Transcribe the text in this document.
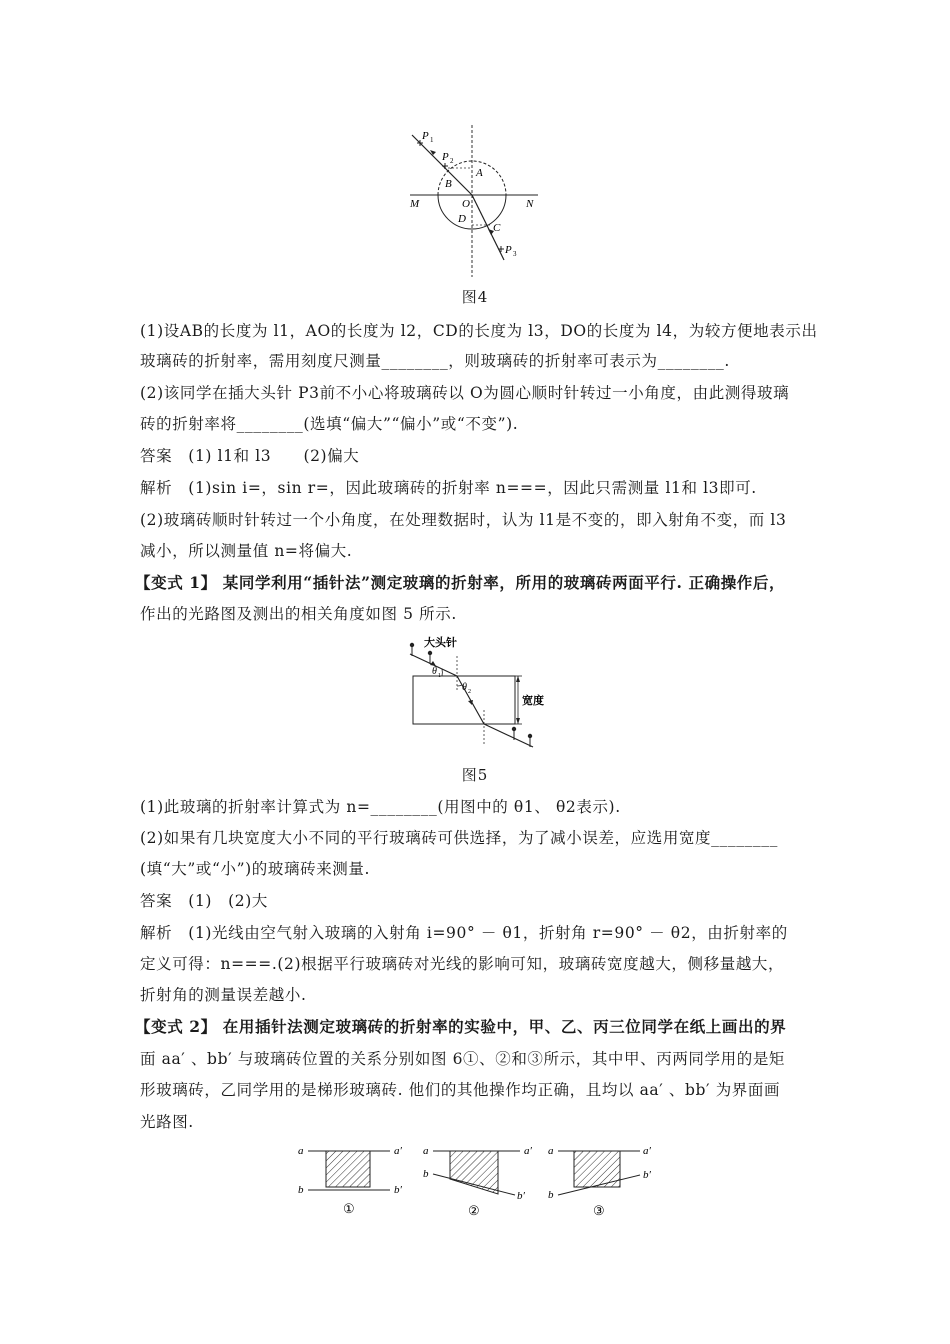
P 1
P 2
A
B
O
M	N
D
C
P 3
图4
(1)设AB的长度为 l1，AO的长度为 l2，CD的长度为 l3，DO的长度为 l4，为较方便地表示出
玻璃砖的折射率，需用刻度尺测量________，则玻璃砖的折射率可表示为________.
(2)该同学在插大头针 P3前不小心将玻璃砖以 O为圆心顺时针转过一小角度，由此测得玻璃
砖的折射率将________(选填“偏大”“偏小”或“不变”).
答案　(1) l1和 l3　　(2)偏大
解析　(1)sin i=，sin r=，因此玻璃砖的折射率 n===，因此只需测量 l1和 l3即可.
(2)玻璃砖顺时针转过一个小角度，在处理数据时，认为 l1是不变的，即入射角不变，而 l3
减小，所以测量值 n=将偏大.
【变式 1】 某同学利用“插针法”测定玻璃的折射率，所用的玻璃砖两面平行. 正确操作后，
作出的光路图及测出的相关角度如图 5 所示.
大头针
θ 1
θ 2
宽度
图5
(1)此玻璃的折射率计算式为 n=________(用图中的 θ1、 θ2表示).
(2)如果有几块宽度大小不同的平行玻璃砖可供选择，为了减小误差，应选用宽度________
(填“大”或“小”)的玻璃砖来测量.
答案　(1)　(2)大
解析　(1)光线由空气射入玻璃的入射角 i=90° － θ1，折射角 r=90° － θ2，由折射率的
定义可得：n===.(2)根据平行玻璃砖对光线的影响可知，玻璃砖宽度越大，侧移量越大，
折射角的测量误差越小.
【变式 2】 在用插针法测定玻璃砖的折射率的实验中，甲、乙、丙三位同学在纸上画出的界
面 aa′ 、bb′ 与玻璃砖位置的关系分别如图 6①、②和③所示，其中甲、丙两同学用的是矩
形玻璃砖，乙同学用的是梯形玻璃砖. 他们的其他操作均正确，且均以 aa′ 、bb′ 为界面画
光路图.
a	a′
b	b′
①
a	a′
b
b′
②
a	a′
b
b′
③
